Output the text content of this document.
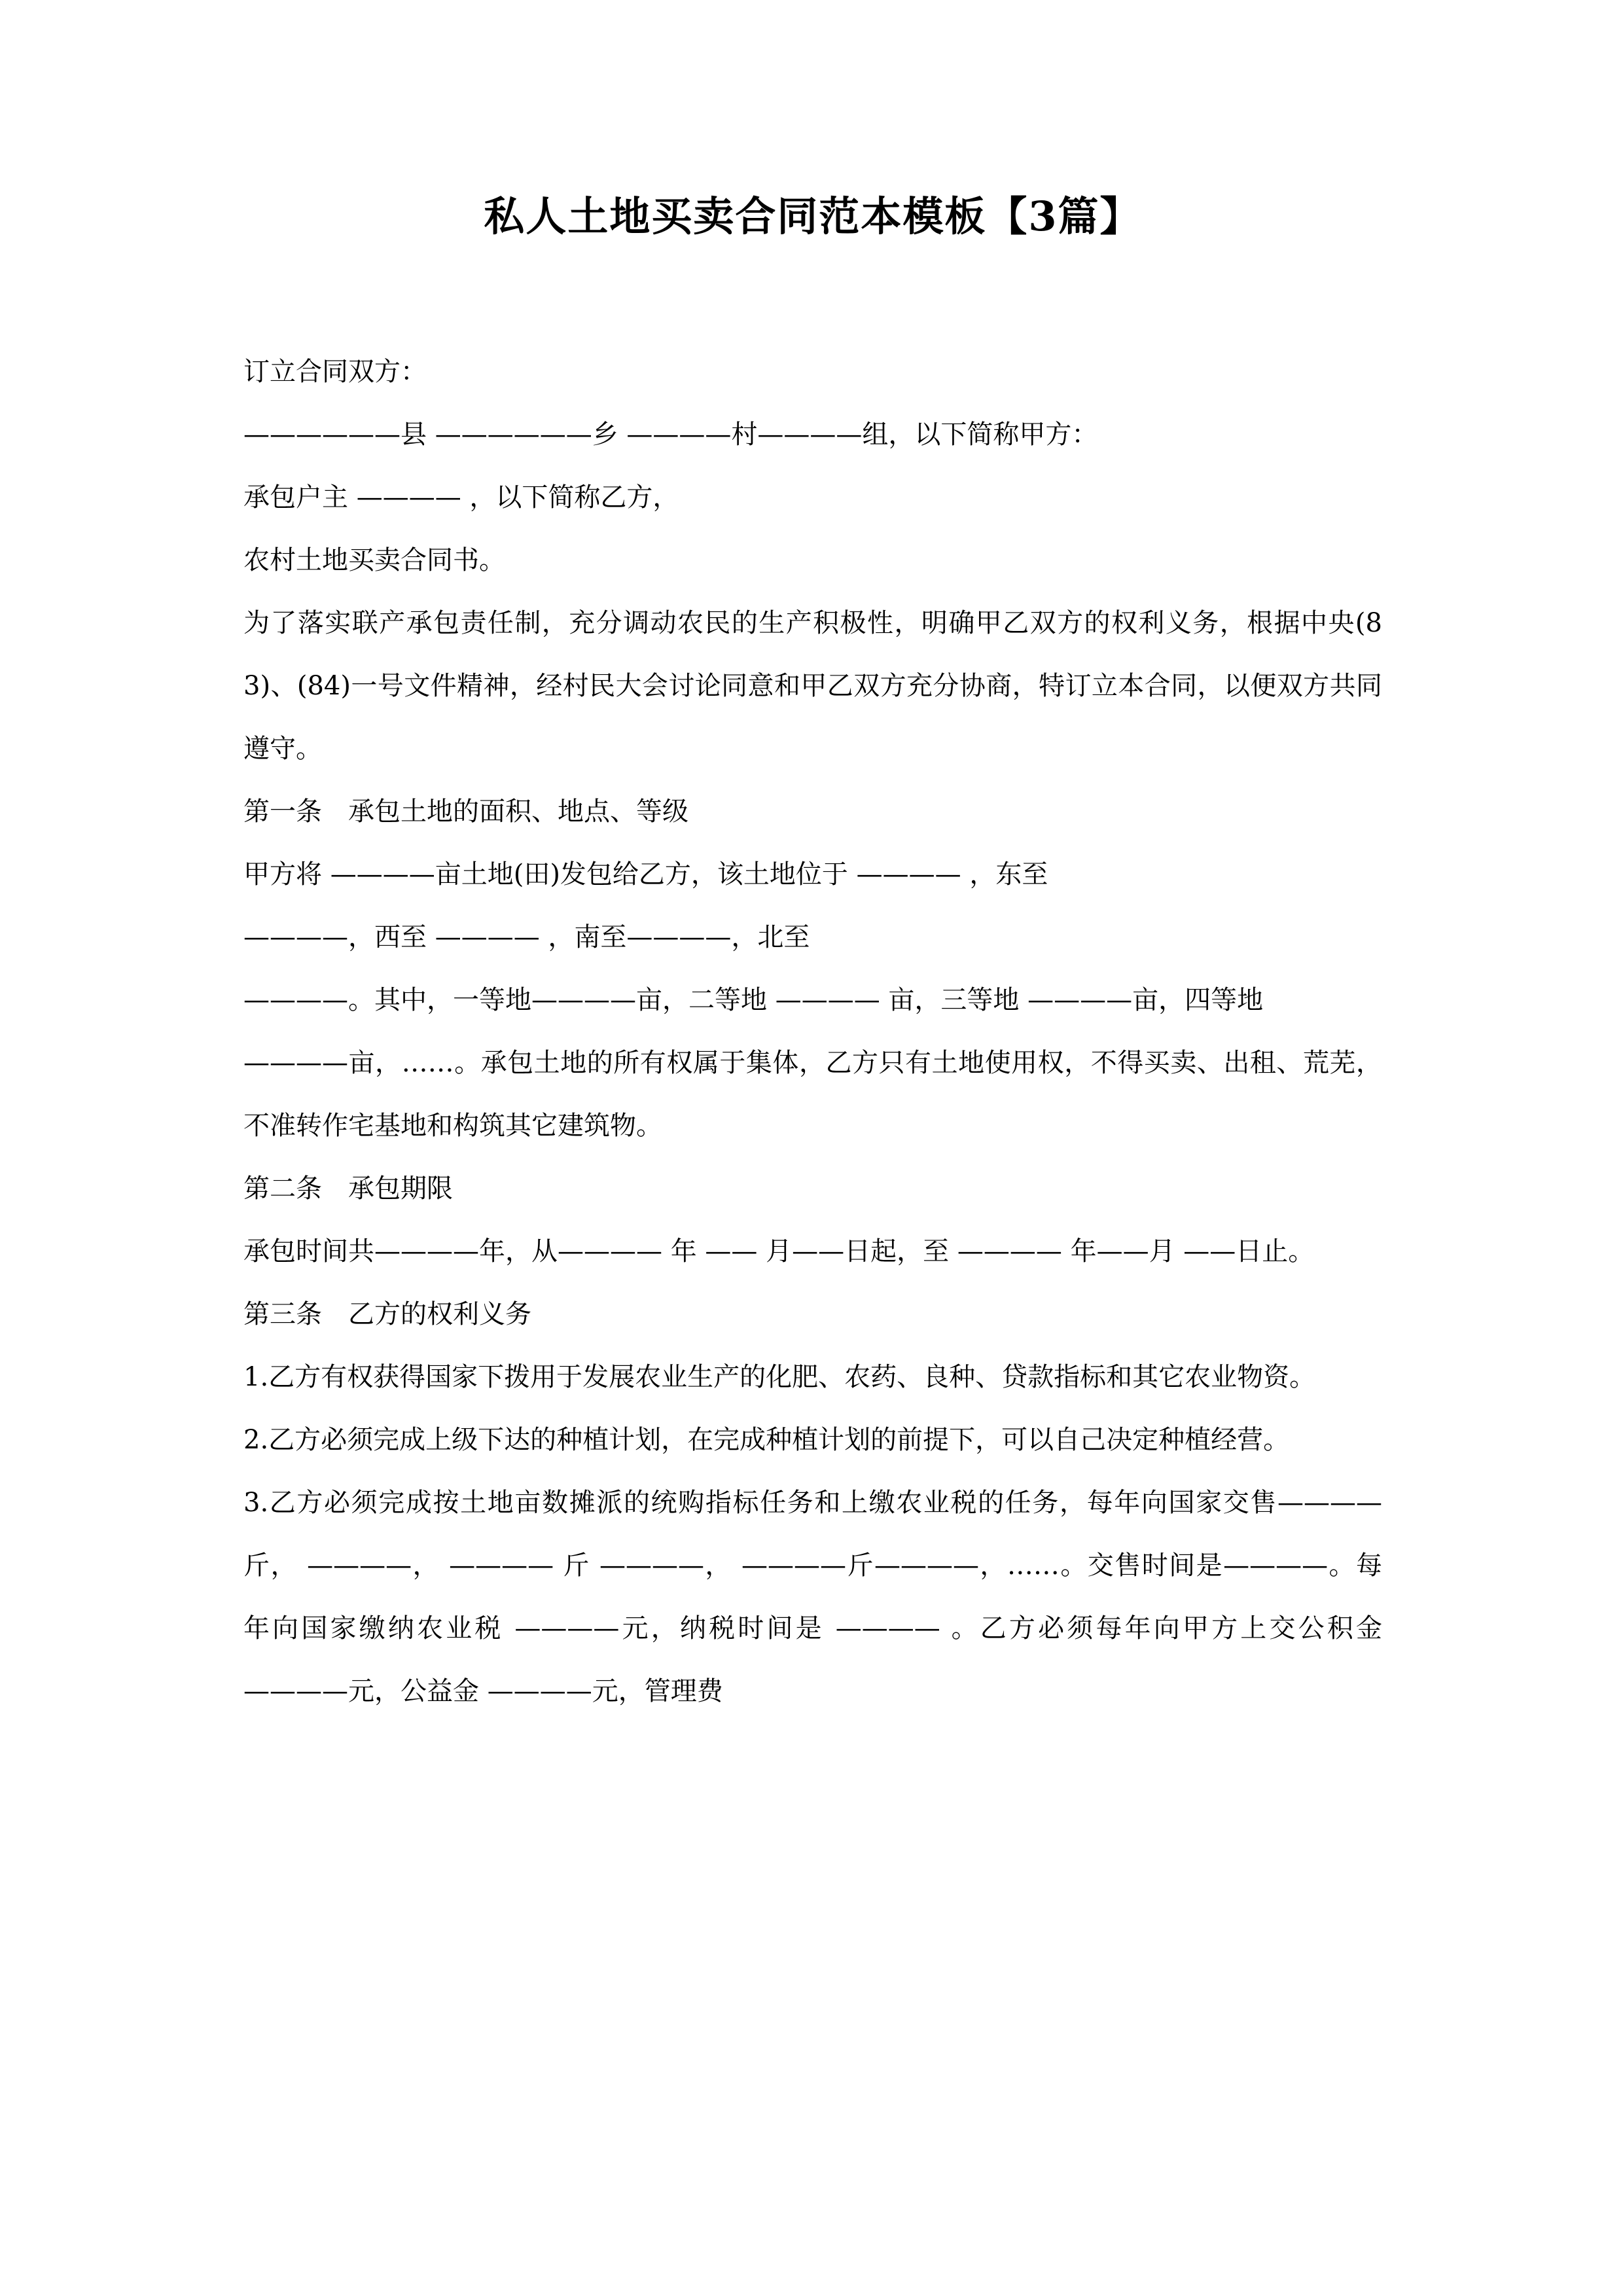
私人土地买卖合同范本模板【3篇】

订立合同双方：

——————县 ——————乡 ————村————组，以下简称甲方：

承包户主 ———— ，以下简称乙方，

农村土地买卖合同书。

为了落实联产承包责任制，充分调动农民的生产积极性，明确甲乙双方的权利义务，根据中央(83)、(84)一号文件精神，经村民大会讨论同意和甲乙双方充分协商，特订立本合同，以便双方共同遵守。

第一条　承包土地的面积、地点、等级

甲方将 ————亩土地(田)发包给乙方，该土地位于 ———— ，东至

————，西至 ———— ，南至————，北至

————。其中，一等地————亩，二等地 ———— 亩，三等地 ————亩，四等地

————亩，……。承包土地的所有权属于集体，乙方只有土地使用权，不得买卖、出租、荒芜，不准转作宅基地和构筑其它建筑物。

第二条　承包期限

承包时间共————年，从———— 年 —— 月——日起，至 ———— 年——月 ——日止。

第三条　乙方的权利义务

1.乙方有权获得国家下拨用于发展农业生产的化肥、农药、良种、贷款指标和其它农业物资。

2.乙方必须完成上级下达的种植计划，在完成种植计划的前提下，可以自己决定种植经营。

3.乙方必须完成按土地亩数摊派的统购指标任务和上缴农业税的任务，每年向国家交售————斤， ————， ———— 斤 ————， ————斤————，……。交售时间是————。每年向国家缴纳农业税 ————元，纳税时间是 ———— 。乙方必须每年向甲方上交公积金————元，公益金 ————元，管理费
